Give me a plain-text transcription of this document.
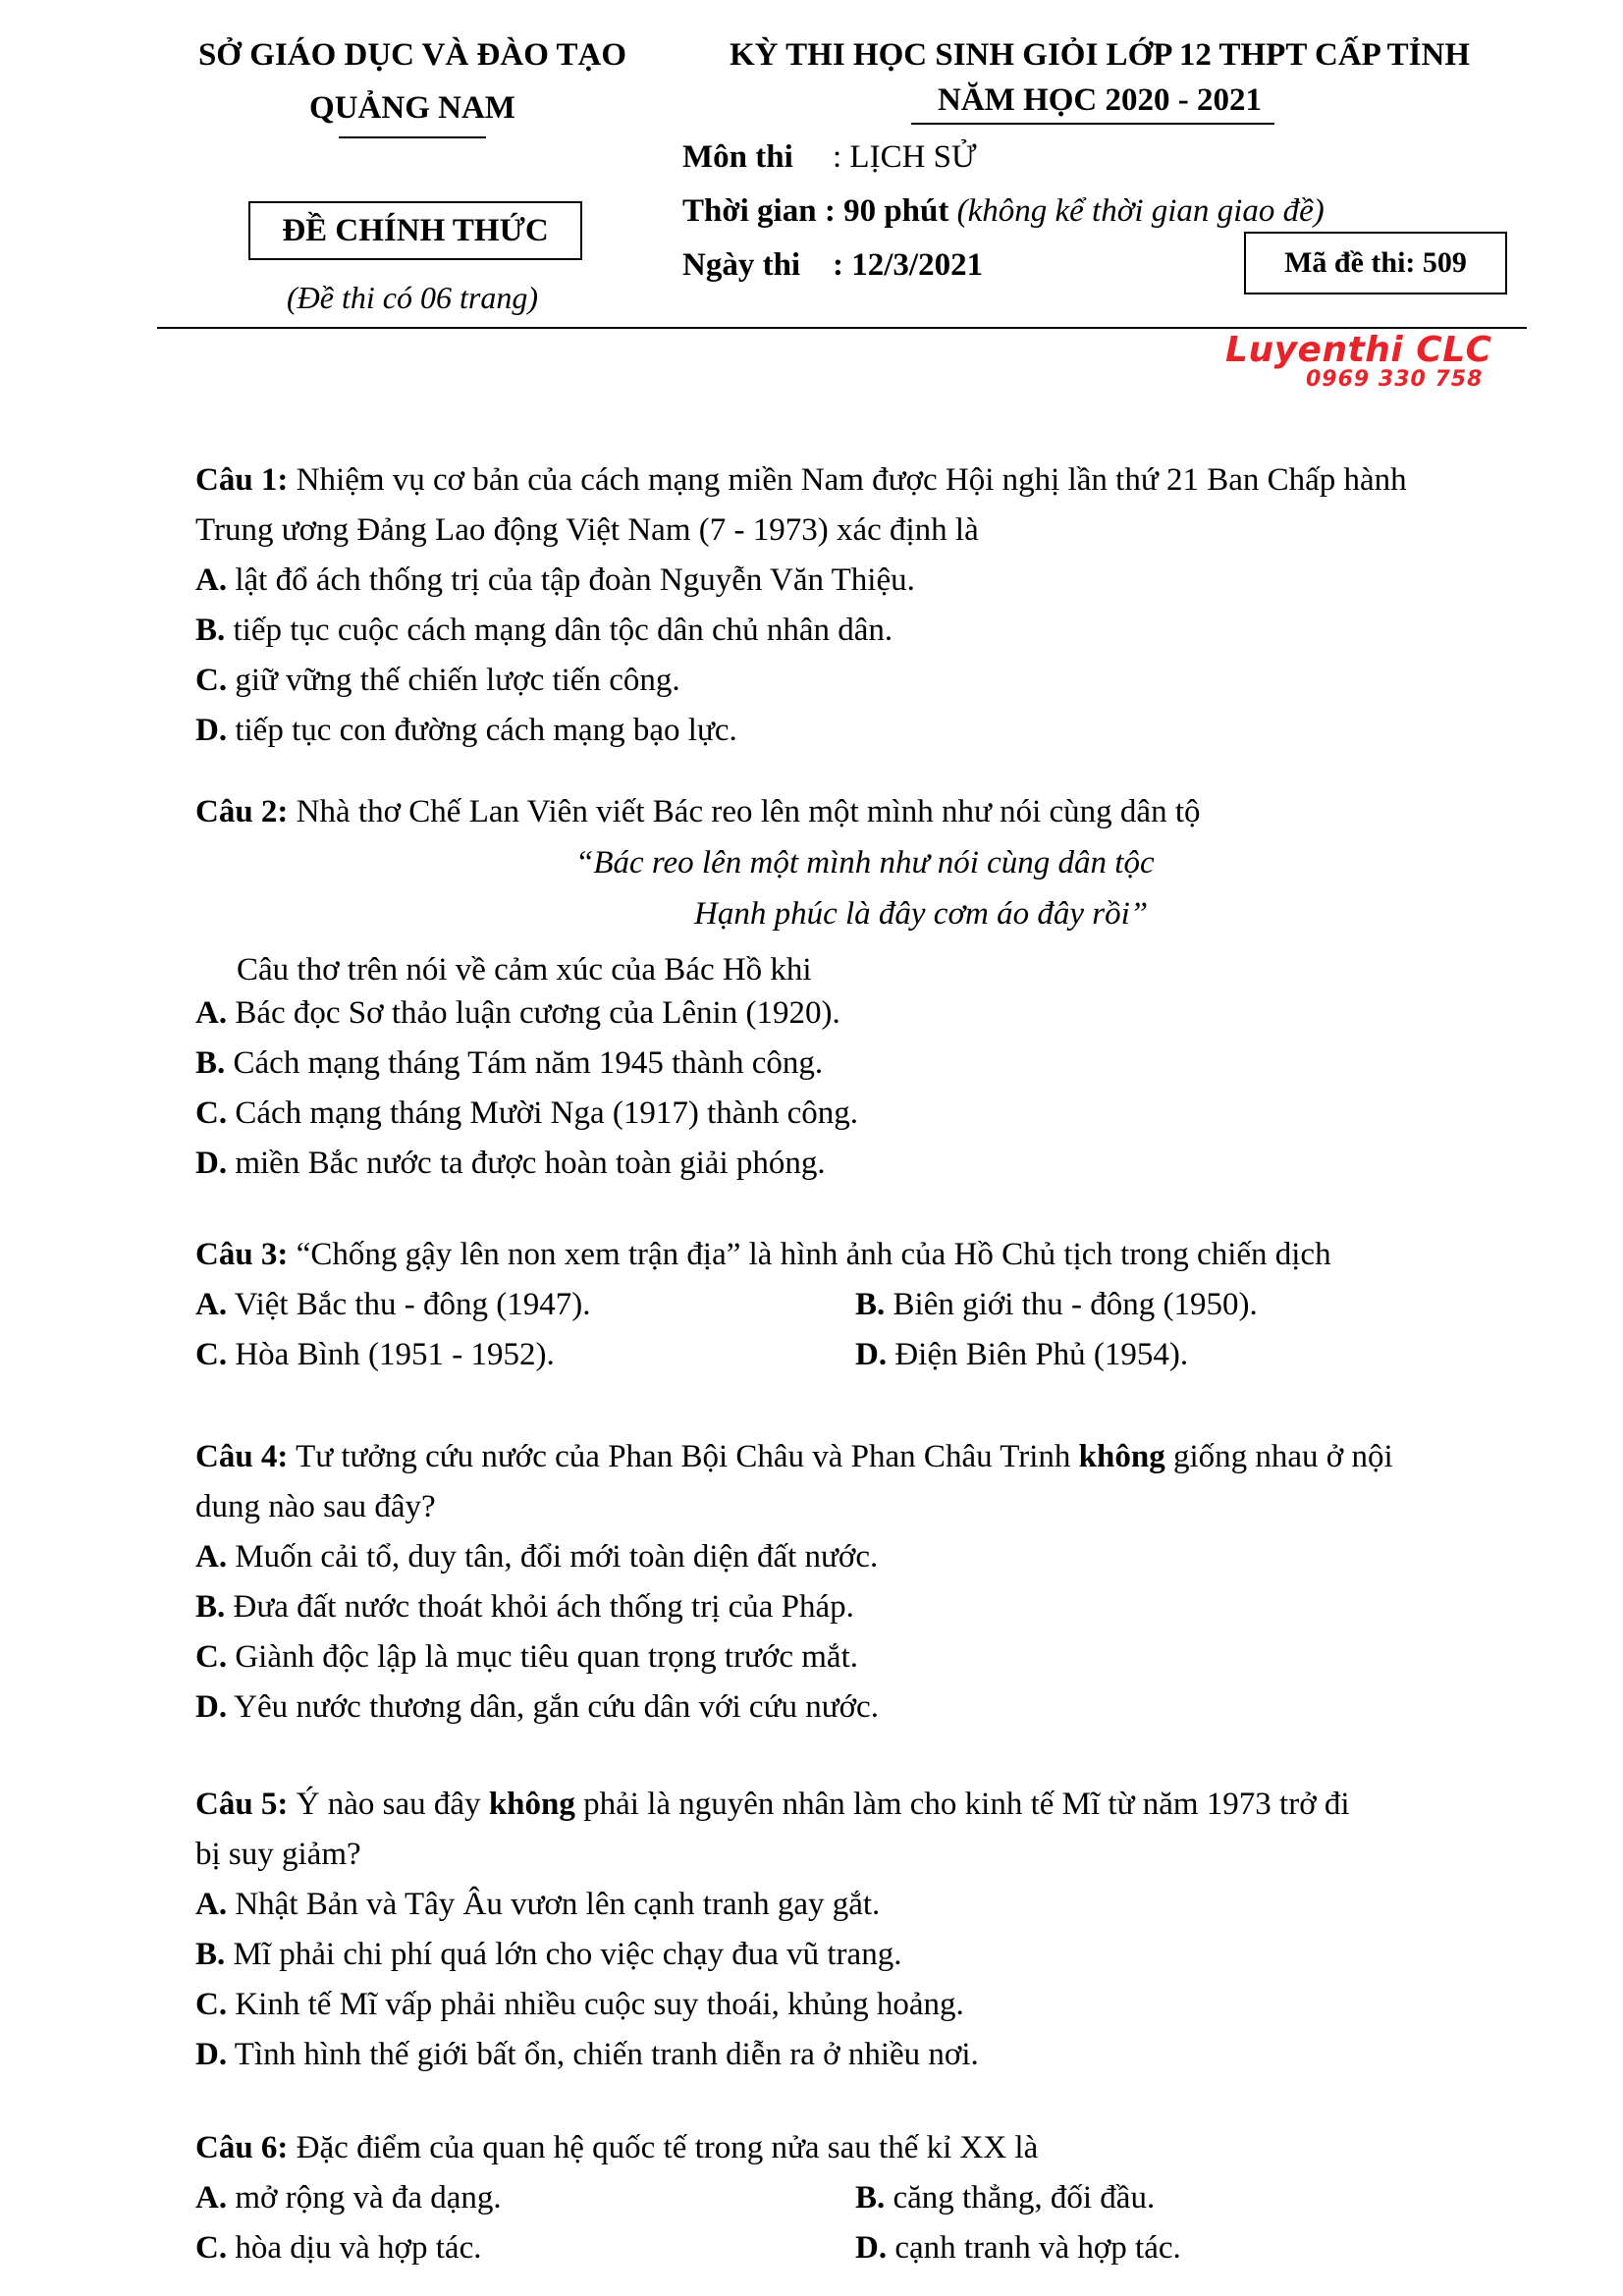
SỞ GIÁO DỤC VÀ ĐÀO TẠO
QUẢNG NAM
ĐỀ CHÍNH THỨC
(Đề thi có 06 trang)
KỲ THI HỌC SINH GIỎI LỚP 12 THPT CẤP TỈNH
NĂM HỌC 2020 - 2021
Môn thi : LỊCH SỬ
Thời gian : 90 phút (không kể thời gian giao đề)
Ngày thi : 12/3/2021	Mã đề thi: 509
Luyenthi CLC
0969 330 758

Câu 1: Nhiệm vụ cơ bản của cách mạng miền Nam được Hội nghị lần thứ 21 Ban Chấp hành

Trung ương Đảng Lao động Việt Nam (7 - 1973) xác định là

A. lật đổ ách thống trị của tập đoàn Nguyễn Văn Thiệu.

B. tiếp tục cuộc cách mạng dân tộc dân chủ nhân dân.

C. giữ vững thế chiến lược tiến công.

D. tiếp tục con đường cách mạng bạo lực.

Câu 2: Nhà thơ Chế Lan Viên viết Bác reo lên một mình như nói cùng dân tộ

“Bác reo lên một mình như nói cùng dân tộc

Hạnh phúc là đây cơm áo đây rồi”

Câu thơ trên nói về cảm xúc của Bác Hồ khi

A. Bác đọc Sơ thảo luận cương của Lênin (1920).

B. Cách mạng tháng Tám năm 1945 thành công.

C. Cách mạng tháng Mười Nga (1917) thành công.

D. miền Bắc nước ta được hoàn toàn giải phóng.

Câu 3: “Chống gậy lên non xem trận địa” là hình ảnh của Hồ Chủ tịch trong chiến dịch

A. Việt Bắc thu - đông (1947).	B. Biên giới thu - đông (1950).

C. Hòa Bình (1951 - 1952).	D. Điện Biên Phủ (1954).

Câu 4: Tư tưởng cứu nước của Phan Bội Châu và Phan Châu Trinh không giống nhau ở nội

dung nào sau đây?

A. Muốn cải tổ, duy tân, đổi mới toàn diện đất nước.

B. Đưa đất nước thoát khỏi ách thống trị của Pháp.

C. Giành độc lập là mục tiêu quan trọng trước mắt.

D. Yêu nước thương dân, gắn cứu dân với cứu nước.

Câu 5: Ý nào sau đây không phải là nguyên nhân làm cho kinh tế Mĩ từ năm 1973 trở đi

bị suy giảm?

A. Nhật Bản và Tây Âu vươn lên cạnh tranh gay gắt.

B. Mĩ phải chi phí quá lớn cho việc chạy đua vũ trang.

C. Kinh tế Mĩ vấp phải nhiều cuộc suy thoái, khủng hoảng.

D. Tình hình thế giới bất ổn, chiến tranh diễn ra ở nhiều nơi.

Câu 6: Đặc điểm của quan hệ quốc tế trong nửa sau thế kỉ XX là

A. mở rộng và đa dạng.	B. căng thẳng, đối đầu.

C. hòa dịu và hợp tác.	D. cạnh tranh và hợp tác.
